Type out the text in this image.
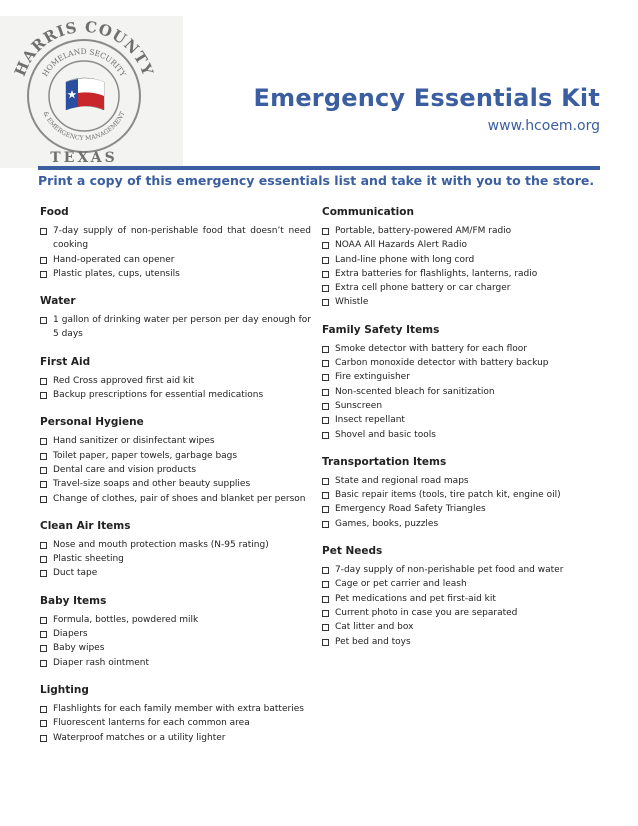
HARRIS COUNTY
HOMELAND SECURITY
& EMERGENCY MANAGEMENT
TEXAS
Emergency Essentials Kit
www.hcoem.org
Print a copy of this emergency essentials list and take it with you to the store.
Food
7-day supply of non-perishable food that doesn’t need cooking
Hand-operated can opener
Plastic plates, cups, utensils
Water
1 gallon of drinking water per person per day enough for 5 days
First Aid
Red Cross approved first aid kit
Backup prescriptions for essential medications
Personal Hygiene
Hand sanitizer or disinfectant wipes
Toilet paper, paper towels, garbage bags
Dental care and vision products
Travel-size soaps and other beauty supplies
Change of clothes, pair of shoes and blanket per person
Clean Air Items
Nose and mouth protection masks (N-95 rating)
Plastic sheeting
Duct tape
Baby Items
Formula, bottles, powdered milk
Diapers
Baby wipes
Diaper rash ointment
Lighting
Flashlights for each family member with extra batteries
Fluorescent lanterns for each common area
Waterproof matches or a utility lighter
Communication
Portable, battery-powered AM/FM radio
NOAA All Hazards Alert Radio
Land-line phone with long cord
Extra batteries for flashlights, lanterns, radio
Extra cell phone battery or car charger
Whistle
Family Safety Items
Smoke detector with battery for each floor
Carbon monoxide detector with battery backup
Fire extinguisher
Non-scented bleach for sanitization
Sunscreen
Insect repellant
Shovel and basic tools
Transportation Items
State and regional road maps
Basic repair items (tools, tire patch kit, engine oil)
Emergency Road Safety Triangles
Games, books, puzzles
Pet Needs
7-day supply of non-perishable pet food and water
Cage or pet carrier and leash
Pet medications and pet first-aid kit
Current photo in case you are separated
Cat litter and box
Pet bed and toys
